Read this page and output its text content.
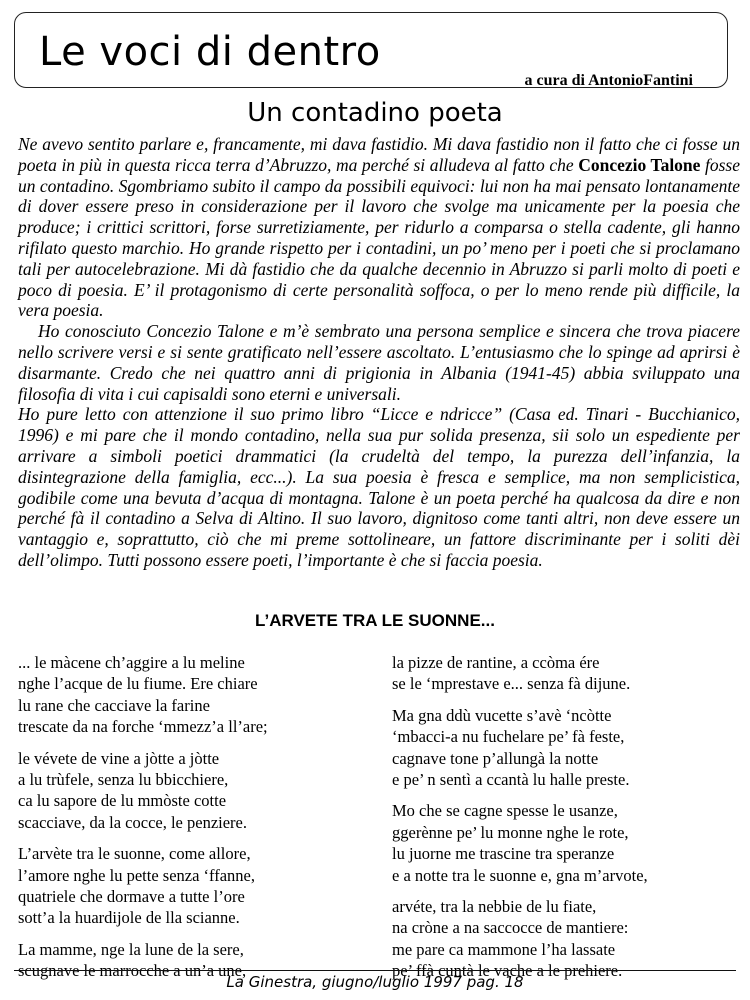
Le voci di dentro
a cura di AntonioFantini
Un contadino poeta

Ne avevo sentito parlare e, francamente, mi dava fastidio. Mi dava fastidio non il fatto che ci fosse un poeta in più in questa ricca terra d’Abruzzo, ma perché si alludeva al fatto che Concezio Talone fosse un contadino. Sgombriamo subito il campo da possibili equivoci: lui non ha mai pensato lontanamente di dover essere preso in considerazione per il lavoro che svolge ma unicamente per la poesia che produce; i crittici scrittori, forse surretiziamente, per ridurlo a comparsa o stella cadente, gli hanno rifilato questo marchio. Ho grande rispetto per i contadini, un po’ meno per i poeti che si proclamano tali per autocelebrazione. Mi dà fastidio che da qualche decennio in Abruzzo si parli molto di poeti e poco di poesia. E’ il protagonismo di certe personalità soffoca, o per lo meno rende più difficile, la vera poesia.

Ho conosciuto Concezio Talone e m’è sembrato una persona semplice e sincera che trova piacere nello scrivere versi e si sente gratificato nell’essere ascoltato. L’entusiasmo che lo spinge ad aprirsi è disarmante. Credo che nei quattro anni di prigionia in Albania (1941-45) abbia sviluppato una filosofia di vita i cui capisaldi sono eterni e universali.

Ho pure letto con attenzione il suo primo libro “Licce e ndricce” (Casa ed. Tinari - Bucchianico, 1996) e mi pare che il mondo contadino, nella sua pur solida presenza, sii solo un espediente per arrivare a simboli poetici drammatici (la crudeltà del tempo, la purezza dell’infanzia, la disintegrazione della famiglia, ecc...). La sua poesia è fresca e semplice, ma non semplicistica, godibile come una bevuta d’acqua di montagna. Talone è un poeta perché ha qualcosa da dire e non perché fà il contadino a Selva di Altino. Il suo lavoro, dignitoso come tanti altri, non deve essere un vantaggio e, soprattutto, ciò che mi preme sottolineare, un fattore discriminante per i soliti dèi dell’olimpo. Tutti possono essere poeti, l’importante è che si faccia poesia.

L’ARVETE TRA LE SUONNE...
... le màcene ch’aggire a lu meline
nghe l’acque de lu fiume. Ere chiare
lu rane che cacciave la farine
trescate da na forche ‘mmezz’a ll’are;
le vévete de vine a jòtte a jòtte
a lu trùfele, senza lu bbicchiere,
ca lu sapore de lu mmòste cotte
scacciave, da la cocce, le penziere.
L’arvète tra le suonne, come allore,
l’amore nghe lu pette senza ‘ffanne,
quatriele che dormave a tutte l’ore
sott’a la huardijole de lla scianne.
La mamme, nge la lune de la sere,
scugnave le marrocche a un’a une,
la pizze de rantine, a ccòma ére
se le ‘mprestave e... senza fà dijune.
Ma gna ddù vucette s’avè ‘ncòtte
‘mbacci-a nu fuchelare pe’ fà feste,
cagnave tone p’allungà la notte
e pe’ n sentì a ccantà lu halle preste.
Mo che se cagne spesse le usanze,
ggerènne pe’ lu monne nghe le rote,
lu juorne me trascine tra speranze
e a notte tra le suonne e, gna m’arvote,
arvéte, tra la nebbie de lu fiate,
na cròne a na saccocce de mantiere:
me pare ca mammone l’ha lassate
pe’ ffà cuntà le vache a le prehiere.
La Ginestra, giugno/luglio 1997 pag. 18
